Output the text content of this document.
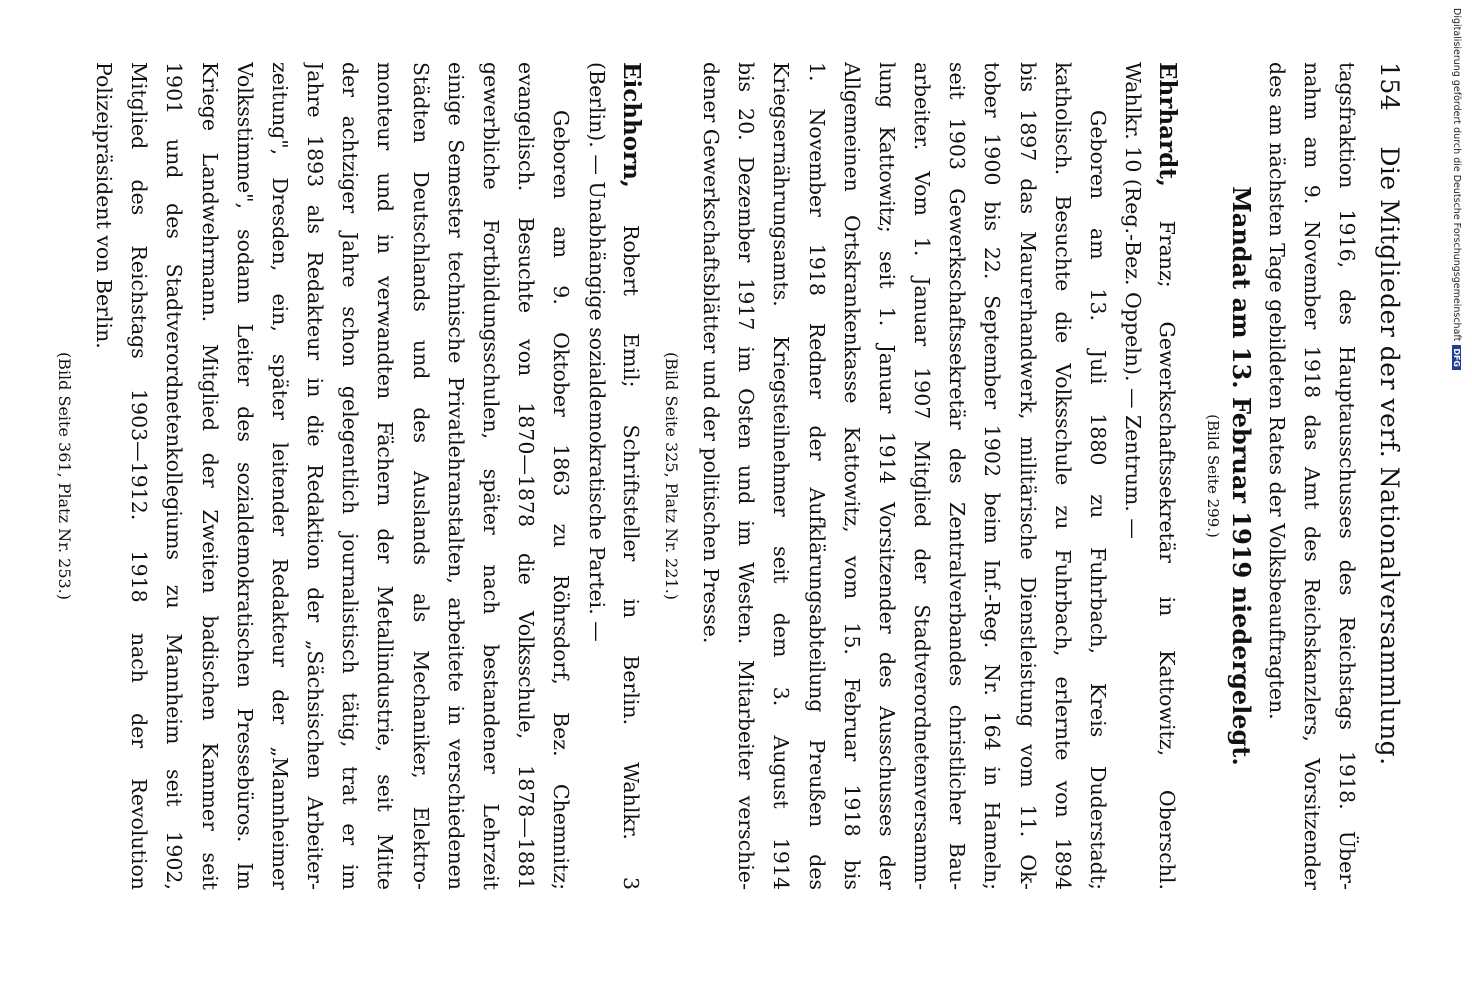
154
Die Mitglieder der verf. Nationalversammlung.
tagsfraktion 1916, des Hauptausschusses des Reichstags 1918. Über-
nahm am 9. November 1918 das Amt des Reichskanzlers, Vorsitzender
des am nächsten Tage gebildeten Rates der Volksbeauftragten.
Mandat am 13. Februar 1919 niedergelegt.
(Bild Seite 299.)
Ehrhardt, Franz; Gewerkschaftssekretär in Kattowitz, Oberschl.
Wahlkr. 10 (Reg.-Bez. Oppeln). — Zentrum. —
Geboren am 13. Juli 1880 zu Fuhrbach, Kreis Duderstadt;
katholisch. Besuchte die Volksschule zu Fuhrbach, erlernte von 1894
bis 1897 das Maurerhandwerk, militärische Dienstleistung vom 11. Ok-
tober 1900 bis 22. September 1902 beim Inf.-Reg. Nr. 164 in Hameln;
seit 1903 Gewerkschaftssekretär des Zentralverbandes christlicher Bau-
arbeiter. Vom 1. Januar 1907 Mitglied der Stadtverordnetenversamm-
lung Kattowitz; seit 1. Januar 1914 Vorsitzender des Ausschusses der
Allgemeinen Ortskrankenkasse Kattowitz, vom 15. Februar 1918 bis
1. November 1918 Redner der Aufklärungsabteilung Preußen des
Kriegsernährungsamts. Kriegsteilnehmer seit dem 3. August 1914
bis 20. Dezember 1917 im Osten und im Westen. Mitarbeiter verschie-
dener Gewerkschaftsblätter und der politischen Presse.
(Bild Seite 325, Platz Nr. 221.)
Eichhorn, Robert Emil; Schriftsteller in Berlin. Wahlkr. 3
(Berlin). — Unabhängige sozialdemokratische Partei. —
Geboren am 9. Oktober 1863 zu Röhrsdorf, Bez. Chemnitz;
evangelisch. Besuchte von 1870—1878 die Volksschule, 1878—1881
gewerbliche Fortbildungsschulen, später nach bestandener Lehrzeit
einige Semester technische Privatlehranstalten, arbeitete in verschiedenen
Städten Deutschlands und des Auslands als Mechaniker, Elektro-
monteur und in verwandten Fächern der Metallindustrie, seit Mitte
der achtziger Jahre schon gelegentlich journalistisch tätig, trat er im
Jahre 1893 als Redakteur in die Redaktion der „Sächsischen Arbeiter-
zeitung", Dresden, ein, später leitender Redakteur der „Mannheimer
Volksstimme", sodann Leiter des sozialdemokratischen Pressebüros. Im
Kriege Landwehrmann. Mitglied der Zweiten badischen Kammer seit
1901 und des Stadtverordnetenkollegiums zu Mannheim seit 1902,
Mitglied des Reichstags 1903—1912. 1918 nach der Revolution
Polizeipräsident von Berlin.
(Bild Seite 361, Platz Nr. 253.)
Digitalisierung gefördert durch die Deutsche ForschungsgemeinschaftDFG
